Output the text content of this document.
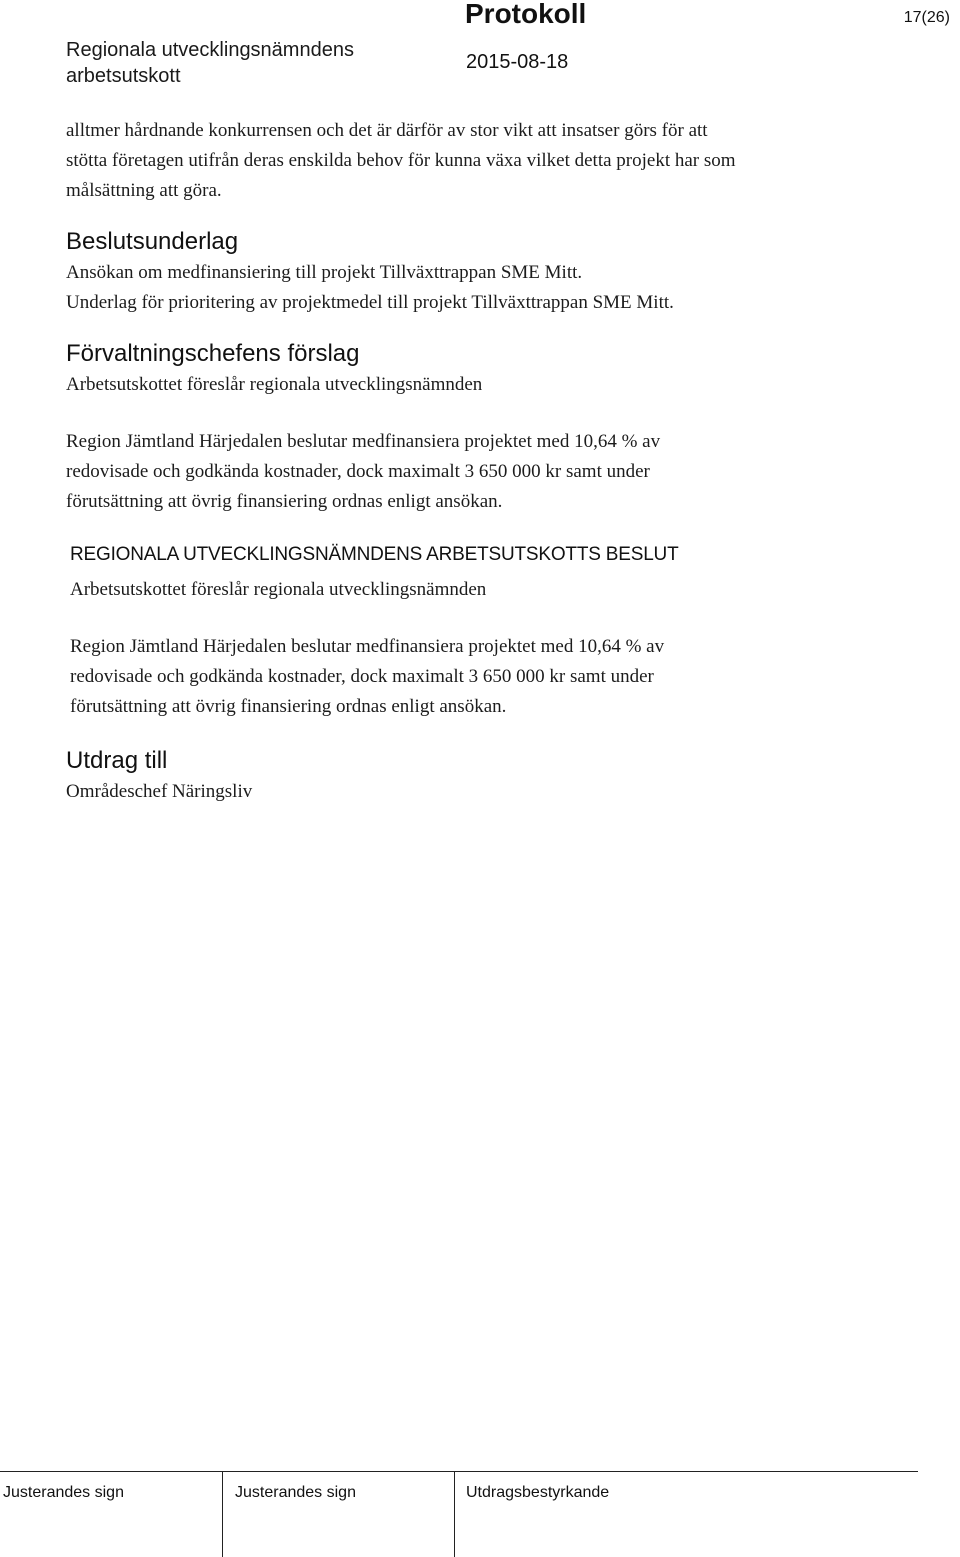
Regionala utvecklingsnämndens
arbetsutskott
Protokoll
2015-08-18
17(26)
alltmer hårdnande konkurrensen och det är därför av stor vikt att insatser görs för att
stötta företagen utifrån deras enskilda behov för kunna växa vilket detta projekt har som
målsättning att göra.
Beslutsunderlag
Ansökan om medfinansiering till projekt Tillväxttrappan SME Mitt.
Underlag för prioritering av projektmedel till projekt Tillväxttrappan SME Mitt.
Förvaltningschefens förslag
Arbetsutskottet föreslår regionala utvecklingsnämnden
Region Jämtland Härjedalen beslutar medfinansiera projektet med 10,64 % av
redovisade och godkända kostnader, dock maximalt 3 650 000 kr samt under
förutsättning att övrig finansiering ordnas enligt ansökan.
REGIONALA UTVECKLINGSNÄMNDENS ARBETSUTSKOTTS BESLUT
Arbetsutskottet föreslår regionala utvecklingsnämnden
Region Jämtland Härjedalen beslutar medfinansiera projektet med 10,64 % av
redovisade och godkända kostnader, dock maximalt 3 650 000 kr samt under
förutsättning att övrig finansiering ordnas enligt ansökan.
Utdrag till
Områdeschef Näringsliv
Justerandes sign	Justerandes sign	Utdragsbestyrkande
